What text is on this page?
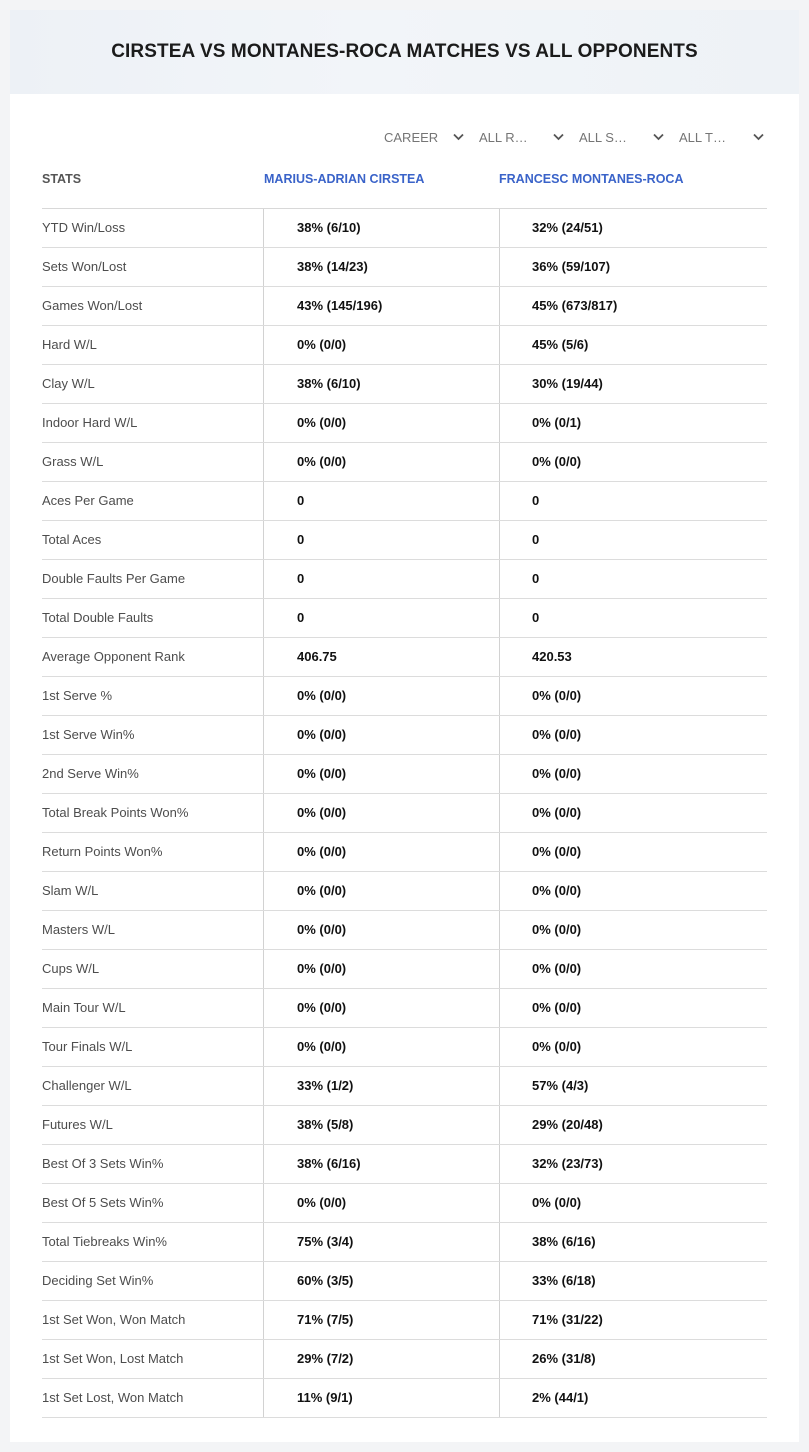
CIRSTEA VS MONTANES-ROCA MATCHES VS ALL OPPONENTS
CAREER	ALL R…	ALL S…	ALL T…
STATS	MARIUS-ADRIAN CIRSTEA	FRANCESC MONTANES-ROCA
YTD Win/Loss	38% (6/10)	32% (24/51)
Sets Won/Lost	38% (14/23)	36% (59/107)
Games Won/Lost	43% (145/196)	45% (673/817)
Hard W/L	0% (0/0)	45% (5/6)
Clay W/L	38% (6/10)	30% (19/44)
Indoor Hard W/L	0% (0/0)	0% (0/1)
Grass W/L	0% (0/0)	0% (0/0)
Aces Per Game	0	0
Total Aces	0	0
Double Faults Per Game	0	0
Total Double Faults	0	0
Average Opponent Rank	406.75	420.53
1st Serve %	0% (0/0)	0% (0/0)
1st Serve Win%	0% (0/0)	0% (0/0)
2nd Serve Win%	0% (0/0)	0% (0/0)
Total Break Points Won%	0% (0/0)	0% (0/0)
Return Points Won%	0% (0/0)	0% (0/0)
Slam W/L	0% (0/0)	0% (0/0)
Masters W/L	0% (0/0)	0% (0/0)
Cups W/L	0% (0/0)	0% (0/0)
Main Tour W/L	0% (0/0)	0% (0/0)
Tour Finals W/L	0% (0/0)	0% (0/0)
Challenger W/L	33% (1/2)	57% (4/3)
Futures W/L	38% (5/8)	29% (20/48)
Best Of 3 Sets Win%	38% (6/16)	32% (23/73)
Best Of 5 Sets Win%	0% (0/0)	0% (0/0)
Total Tiebreaks Win%	75% (3/4)	38% (6/16)
Deciding Set Win%	60% (3/5)	33% (6/18)
1st Set Won, Won Match	71% (7/5)	71% (31/22)
1st Set Won, Lost Match	29% (7/2)	26% (31/8)
1st Set Lost, Won Match	11% (9/1)	2% (44/1)
